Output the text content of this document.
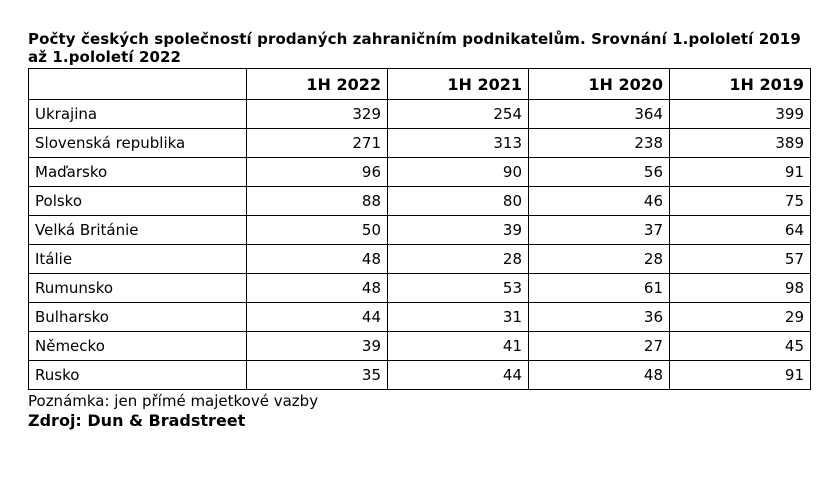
Počty českých společností prodaných zahraničním podnikatelům. Srovnání 1.pololetí 2019 až 1.pololetí 2022
	1H 2022	1H 2021	1H 2020	1H 2019
Ukrajina	329	254	364	399
Slovenská republika	271	313	238	389
Maďarsko	96	90	56	91
Polsko	88	80	46	75
Velká Británie	50	39	37	64
Itálie	48	28	28	57
Rumunsko	48	53	61	98
Bulharsko	44	31	36	29
Německo	39	41	27	45
Rusko	35	44	48	91
Poznámka: jen přímé majetkové vazby
Zdroj: Dun & Bradstreet
